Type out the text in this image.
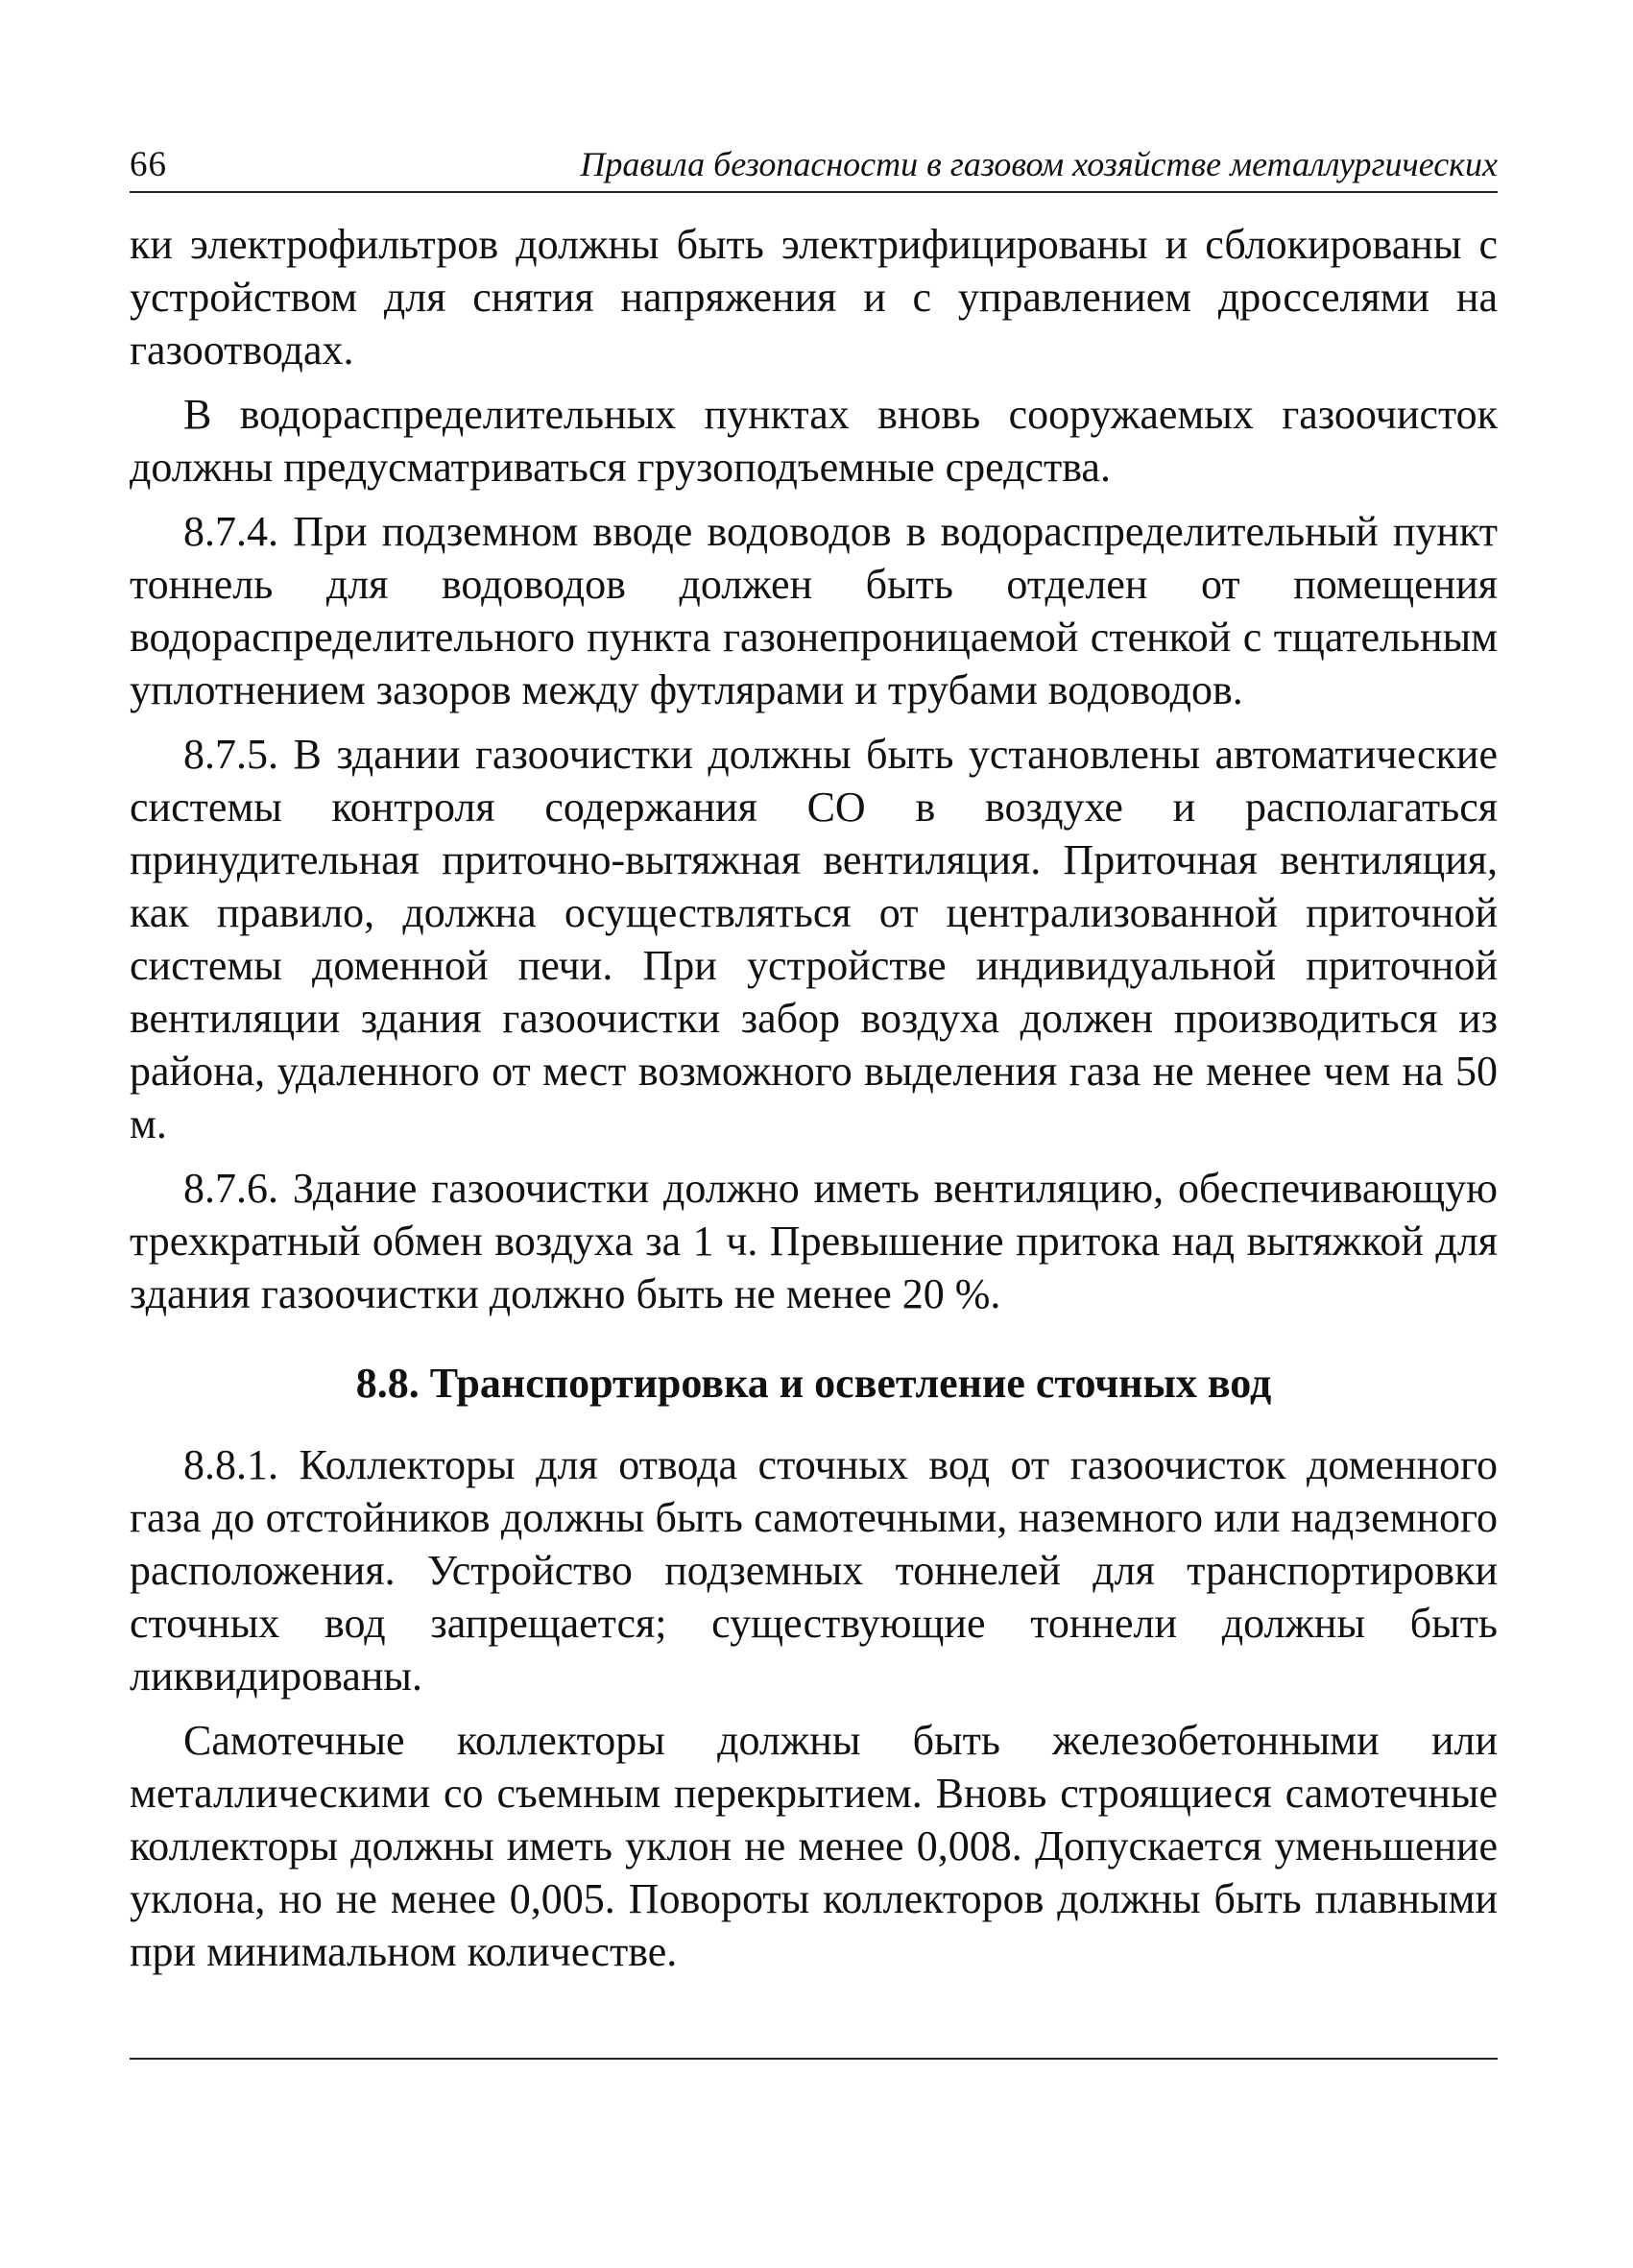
66	Правила безопасности в газовом хозяйстве металлургических

ки электрофильтров должны быть электрифицированы и сблокированы с устройством для снятия напряжения и с управлением дросселями на газоотводах.

В водораспределительных пунктах вновь сооружаемых газоочисток должны предусматриваться грузоподъемные средства.

8.7.4. При подземном вводе водоводов в водораспределительный пункт тоннель для водоводов должен быть отделен от помещения водораспределительного пункта газонепроницаемой стенкой с тщательным уплотнением зазоров между футлярами и трубами водоводов.

8.7.5. В здании газоочистки должны быть установлены автоматические системы контроля содержания СО в воздухе и располагаться принудительная приточно-вытяжная вентиляция. Приточная вентиляция, как правило, должна осуществляться от централизованной приточной системы доменной печи. При устройстве индивидуальной приточной вентиляции здания газоочистки забор воздуха должен производиться из района, удаленного от мест возможного выделения газа не менее чем на 50 м.

8.7.6. Здание газоочистки должно иметь вентиляцию, обеспечивающую трехкратный обмен воздуха за 1 ч. Превышение притока над вытяжкой для здания газоочистки должно быть не менее 20 %.

8.8. Транспортировка и осветление сточных вод

8.8.1. Коллекторы для отвода сточных вод от газоочисток доменного газа до отстойников должны быть самотечными, наземного или надземного расположения. Устройство подземных тоннелей для транспортировки сточных вод запрещается; существующие тоннели должны быть ликвидированы.

Самотечные коллекторы должны быть железобетонными или металлическими со съемным перекрытием. Вновь строящиеся самотечные коллекторы должны иметь уклон не менее 0,008. Допускается уменьшение уклона, но не менее 0,005. Повороты коллекторов должны быть плавными при минимальном количестве.
